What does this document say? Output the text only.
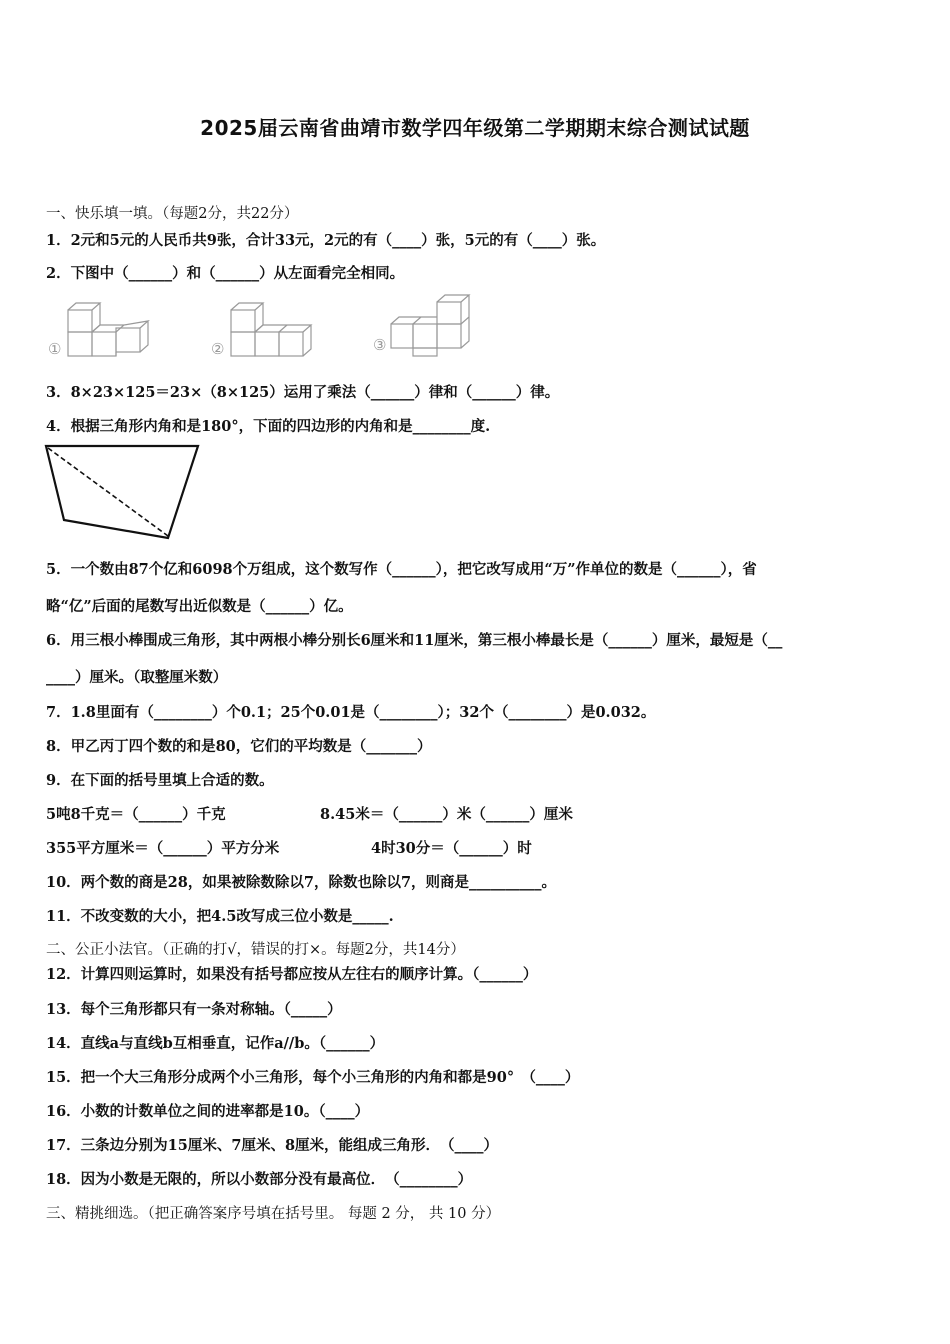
2025届云南省曲靖市数学四年级第二学期期末综合测试试题
一、快乐填一填。（每题2分，共22分）
1．2元和5元的人民币共9张，合计33元，2元的有（____）张，5元的有（____）张。
2．下图中（______）和（______）从左面看完全相同。
①	②	③
3．8×23×125＝23×（8×125）运用了乘法（______）律和（______）律。
4．根据三角形内角和是180°，下面的四边形的内角和是________度.
5．一个数由87个亿和6098个万组成，这个数写作（______），把它改写成用“万”作单位的数是（______），省
略“亿”后面的尾数写出近似数是（______）亿。
6．用三根小棒围成三角形，其中两根小棒分别长6厘米和11厘米，第三根小棒最长是（______）厘米，最短是（__
____）厘米。（取整厘米数）
7．1.8里面有（________）个0.1；25个0.01是（________）；32个（________）是0.032。
8．甲乙丙丁四个数的和是80，它们的平均数是（_______）
9．在下面的括号里填上合适的数。
5吨8千克＝（______）千克	8.45米＝（______）米（______）厘米
355平方厘米＝（______）平方分米	4时30分＝（______）时
10．两个数的商是28，如果被除数除以7，除数也除以7，则商是__________。
11．不改变数的大小，把4.5改写成三位小数是_____.
二、公正小法官。（正确的打√，错误的打×。每题2分，共14分）
12．计算四则运算时，如果没有括号都应按从左往右的顺序计算。（______）
13．每个三角形都只有一条对称轴。（_____）
14．直线a与直线b互相垂直，记作a//b。（______）
15．把一个大三角形分成两个小三角形，每个小三角形的内角和都是90°　（____）
16．小数的计数单位之间的进率都是10。（____）
17．三条边分别为15厘米、7厘米、8厘米，能组成三角形．　（____）
18．因为小数是无限的，所以小数部分没有最高位．　（________）
三、精挑细选。（把正确答案序号填在括号里。 每题 2 分， 共 10 分）
